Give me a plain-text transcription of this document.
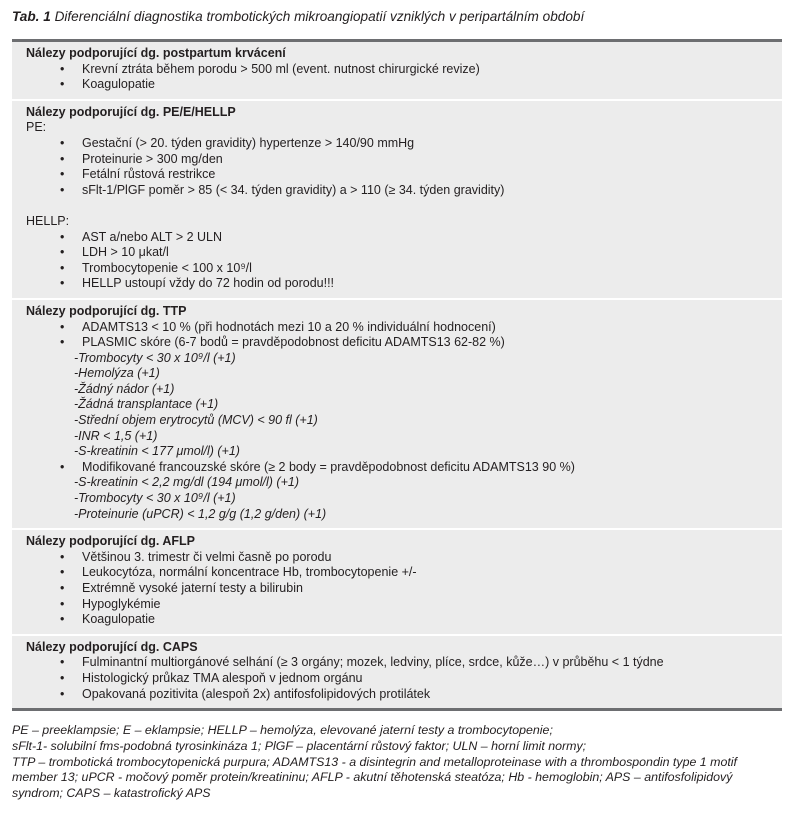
Tab. 1 Diferenciální diagnostika trombotických mikroangiopatií vzniklých v peripartálním období
Nálezy podporující dg. postpartum krvácení
• Krevní ztráta během porodu > 500 ml (event. nutnost chirurgické revize)
• Koagulopatie
Nálezy podporující dg. PE/E/HELLP
PE:
• Gestační (> 20. týden gravidity) hypertenze > 140/90 mmHg
• Proteinurie > 300 mg/den
• Fetální růstová restrikce
• sFlt-1/PlGF poměr > 85 (< 34. týden gravidity) a > 110 (≥ 34. týden gravidity)
HELLP:
• AST a/nebo ALT > 2 ULN
• LDH > 10 μkat/l
• Trombocytopenie < 100 x 10⁹/l
• HELLP ustoupí vždy do 72 hodin od porodu!!!
Nálezy podporující dg. TTP
• ADAMTS13 < 10 % (při hodnotách mezi 10 a 20 % individuální hodnocení)
• PLASMIC skóre (6-7 bodů = pravděpodobnost deficitu ADAMTS13 62-82 %)
- Trombocyty < 30 x 10⁹/l (+1)
- Hemolýza (+1)
- Žádný nádor (+1)
- Žádná transplantace (+1)
- Střední objem erytrocytů (MCV) < 90 fl (+1)
- INR < 1,5 (+1)
- S-kreatinin < 177 μmol/l) (+1)
• Modifikované francouzské skóre (≥ 2 body = pravděpodobnost deficitu ADAMTS13 90 %)
- S-kreatinin < 2,2 mg/dl (194 μmol/l) (+1)
- Trombocyty < 30 x 10⁹/l (+1)
- Proteinurie (uPCR) < 1,2 g/g (1,2 g/den) (+1)
Nálezy podporující dg. AFLP
• Většinou 3. trimestr či velmi časně po porodu
• Leukocytóza, normální koncentrace Hb, trombocytopenie +/-
• Extrémně vysoké jaterní testy a bilirubin
• Hypoglykémie
• Koagulopatie
Nálezy podporující dg. CAPS
• Fulminantní multiorgánové selhání (≥ 3 orgány; mozek, ledviny, plíce, srdce, kůže…) v průběhu < 1 týdne
• Histologický průkaz TMA alespoň v jednom orgánu
• Opakovaná pozitivita (alespoň 2x) antifosfolipidových protilátek
PE – preeklampsie; E – eklampsie; HELLP – hemolýza, elevované jaterní testy a trombocytopenie;
sFlt-1- solubilní fms-podobná tyrosinkináza 1; PlGF – placentární růstový faktor; ULN – horní limit normy;
TTP – trombotická trombocytopenická purpura; ADAMTS13 - a disintegrin and metalloproteinase with a thrombospondin type 1 motif
member 13; uPCR - močový poměr protein/kreatininu; AFLP - akutní těhotenská steatóza; Hb - hemoglobin; APS – antifosfolipidový
syndrom; CAPS – katastrofický APS
